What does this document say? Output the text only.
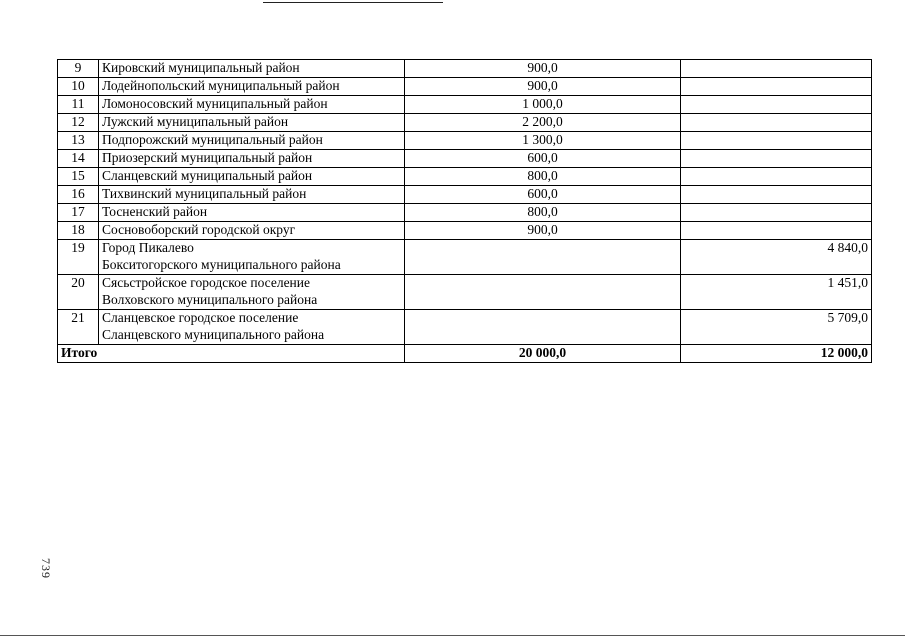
9	Кировский муниципальный район	900,0	
10	Лодейнопольский муниципальный район	900,0	
11	Ломоносовский муниципальный район	1 000,0	
12	Лужский муниципальный район	2 200,0	
13	Подпорожский муниципальный район	1 300,0	
14	Приозерский муниципальный район	600,0	
15	Сланцевский муниципальный район	800,0	
16	Тихвинский муниципальный район	600,0	
17	Тосненский район	800,0	
18	Сосновоборский городской округ	900,0	
19	Город Пикалево
Бокситогорского муниципального района		4 840,0
20	Сясьстройское городское поселение
Волховского муниципального района		1 451,0
21	Сланцевское городское поселение
Сланцевского муниципального района		5 709,0
Итого		20 000,0	12 000,0
739
